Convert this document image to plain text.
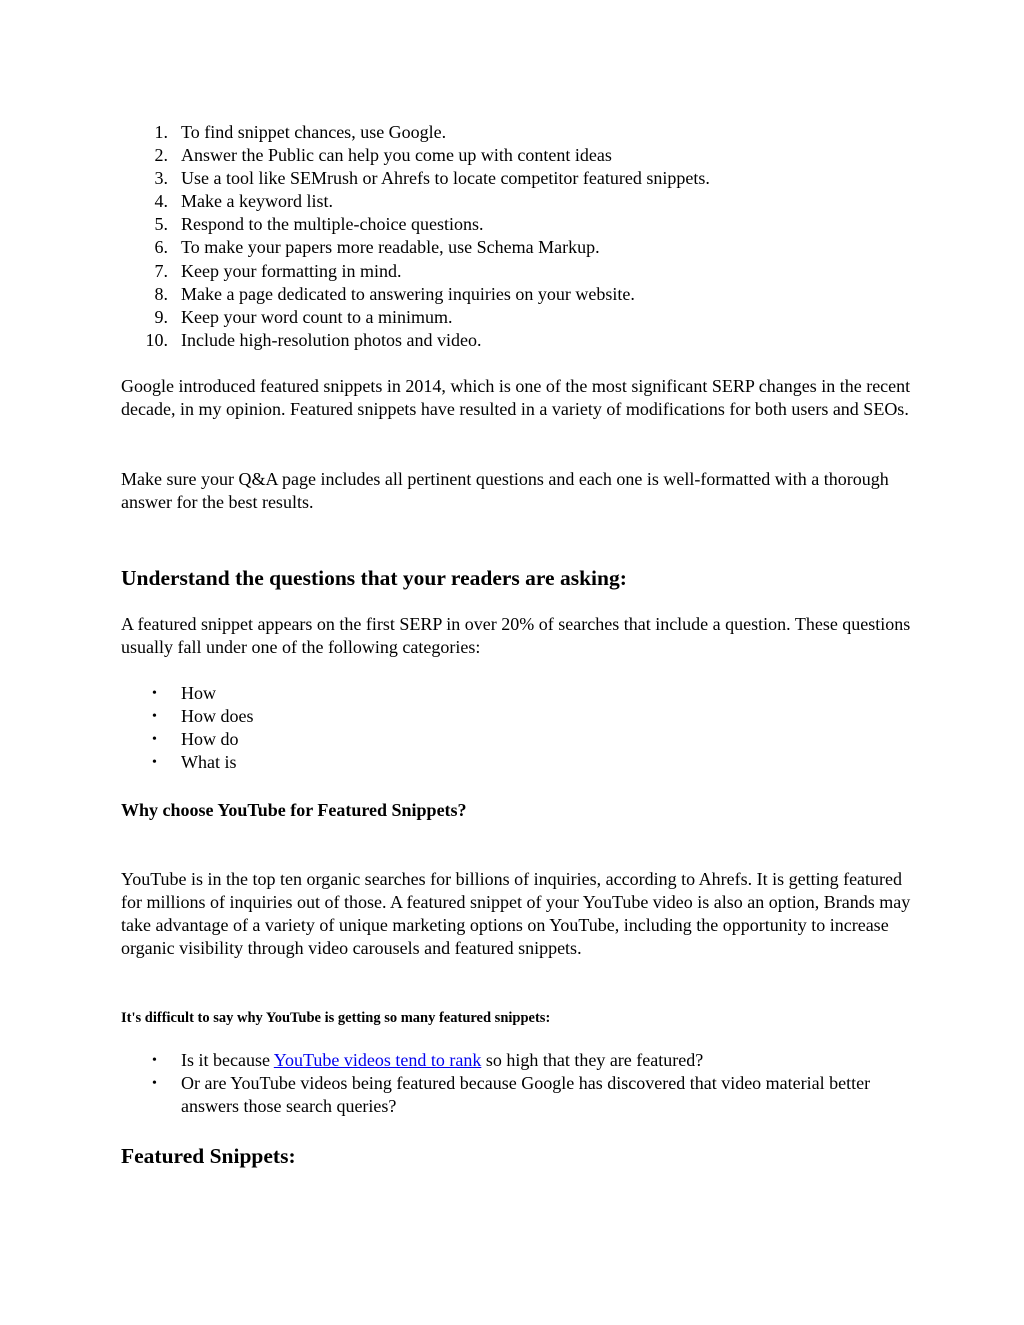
1. To find snippet chances, use Google.
2. Answer the Public can help you come up with content ideas
3. Use a tool like SEMrush or Ahrefs to locate competitor featured snippets.
4. Make a keyword list.
5. Respond to the multiple-choice questions.
6. To make your papers more readable, use Schema Markup.
7. Keep your formatting in mind.
8. Make a page dedicated to answering inquiries on your website.
9. Keep your word count to a minimum.
10. Include high-resolution photos and video.

Google introduced featured snippets in 2014, which is one of the most significant SERP changes in the recent decade, in my opinion. Featured snippets have resulted in a variety of modifications for both users and SEOs.

Make sure your Q&A page includes all pertinent questions and each one is well-formatted with a thorough answer for the best results.

Understand the questions that your readers are asking:

A featured snippet appears on the first SERP in over 20% of searches that include a question. These questions usually fall under one of the following categories:

• How
• How does
• How do
• What is
Why choose YouTube for Featured Snippets?

YouTube is in the top ten organic searches for billions of inquiries, according to Ahrefs. It is getting featured for millions of inquiries out of those. A featured snippet of your YouTube video is also an option, Brands may take advantage of a variety of unique marketing options on YouTube, including the opportunity to increase organic visibility through video carousels and featured snippets.

It's difficult to say why YouTube is getting so many featured snippets:
• Is it because YouTube videos tend to rank so high that they are featured?
• Or are YouTube videos being featured because Google has discovered that video material better answers those search queries?
Featured Snippets:
